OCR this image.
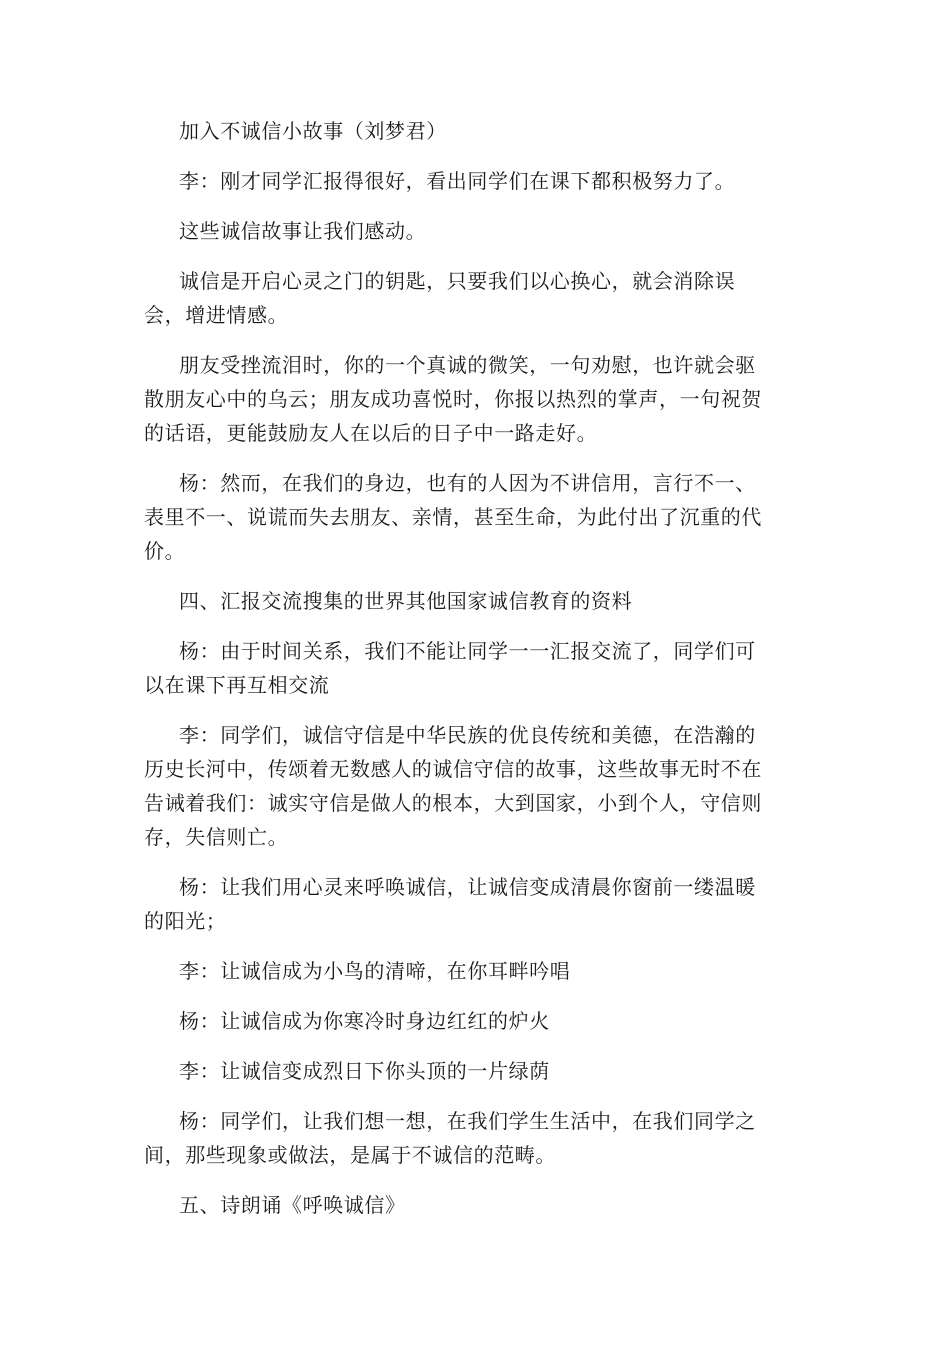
加入不诚信小故事（刘梦君）

李：刚才同学汇报得很好，看出同学们在课下都积极努力了。

这些诚信故事让我们感动。

诚信是开启心灵之门的钥匙，只要我们以心换心，就会消除误会，增进情感。

朋友受挫流泪时，你的一个真诚的微笑，一句劝慰，也许就会驱散朋友心中的乌云；朋友成功喜悦时，你报以热烈的掌声，一句祝贺的话语，更能鼓励友人在以后的日子中一路走好。

杨：然而，在我们的身边，也有的人因为不讲信用，言行不一、表里不一、说谎而失去朋友、亲情，甚至生命，为此付出了沉重的代价。

四、汇报交流搜集的世界其他国家诚信教育的资料

杨：由于时间关系，我们不能让同学一一汇报交流了，同学们可以在课下再互相交流

李：同学们，诚信守信是中华民族的优良传统和美德，在浩瀚的历史长河中，传颂着无数感人的诚信守信的故事，这些故事无时不在告诫着我们：诚实守信是做人的根本，大到国家，小到个人，守信则存，失信则亡。

杨：让我们用心灵来呼唤诚信，让诚信变成清晨你窗前一缕温暖的阳光；

李：让诚信成为小鸟的清啼，在你耳畔吟唱

杨：让诚信成为你寒冷时身边红红的炉火

李：让诚信变成烈日下你头顶的一片绿荫

杨：同学们，让我们想一想，在我们学生生活中，在我们同学之间，那些现象或做法，是属于不诚信的范畴。

五、诗朗诵《呼唤诚信》
